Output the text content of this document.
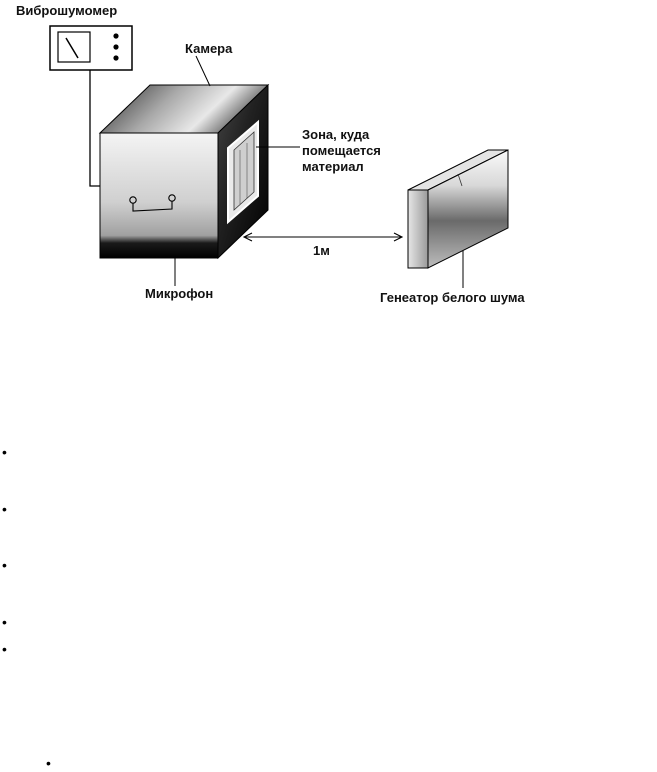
Виброшумомер
Камера
Зона, куда
помещается
материал
1м
Микрофон	Генеатор белого шума
•
•
•
•
•
•
